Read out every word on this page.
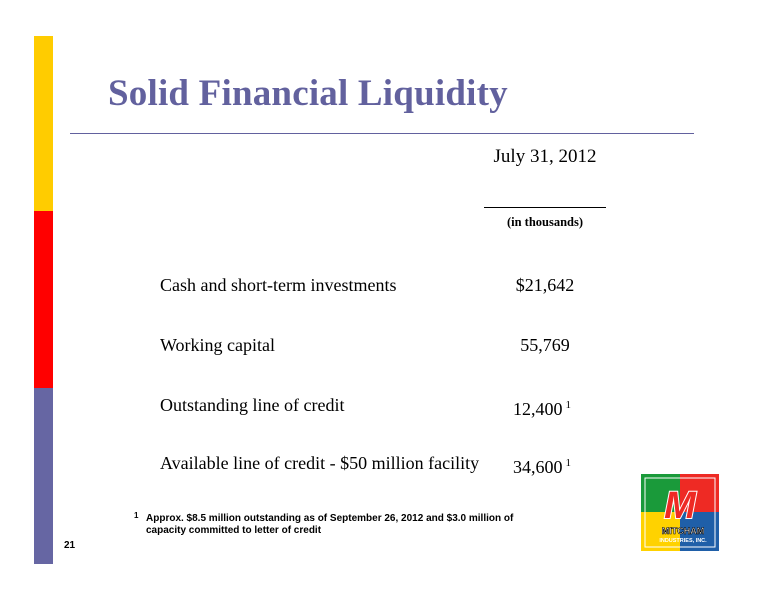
Solid Financial Liquidity
July 31, 2012
(in thousands)
Cash and short-term investments	$21,642
Working capital	55,769
Outstanding line of credit	12,400 $^1$
Available line of credit - $50 million facility	34,600 $^1$
1 Approx. $8.5 million outstanding as of September 26, 2012 and $3.0 million of capacity committed to letter of credit
21
M
MITCHAM
INDUSTRIES, INC.
